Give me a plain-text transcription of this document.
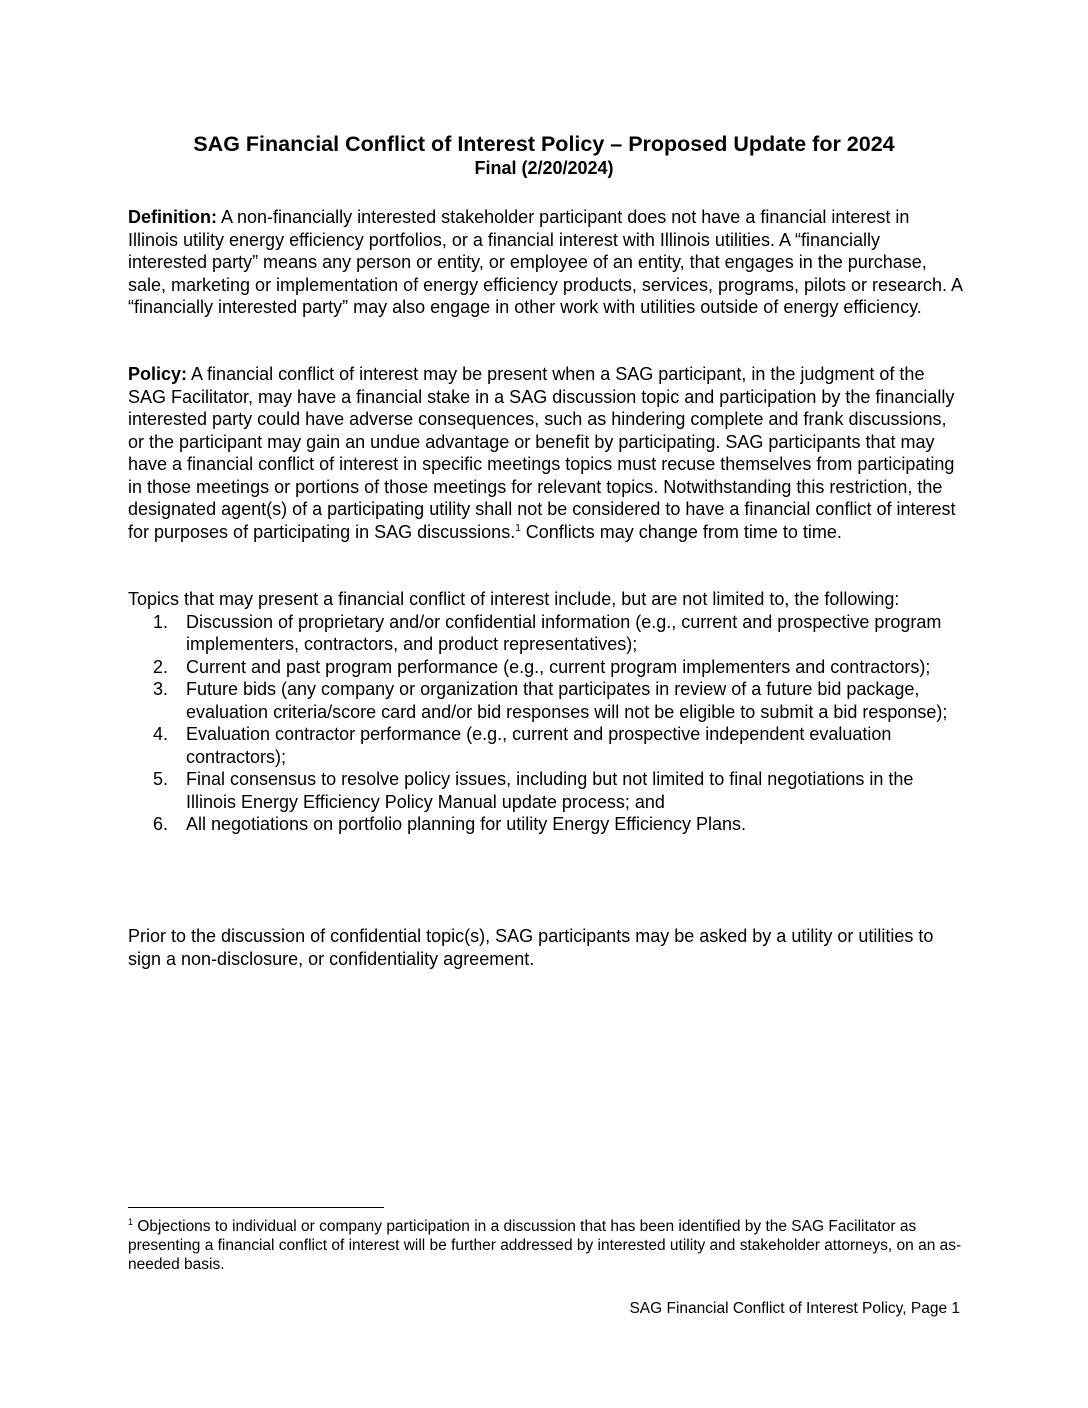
SAG Financial Conflict of Interest Policy – Proposed Update for 2024

Final (2/20/2024)

Definition: A non-financially interested stakeholder participant does not have a financial interest in Illinois utility energy efficiency portfolios, or a financial interest with Illinois utilities. A “financially interested party” means any person or entity, or employee of an entity, that engages in the purchase, sale, marketing or implementation of energy efficiency products, services, programs, pilots or research. A “financially interested party” may also engage in other work with utilities outside of energy efficiency.

Policy: A financial conflict of interest may be present when a SAG participant, in the judgment of the SAG Facilitator, may have a financial stake in a SAG discussion topic and participation by the financially interested party could have adverse consequences, such as hindering complete and frank discussions, or the participant may gain an undue advantage or benefit by participating. SAG participants that may have a financial conflict of interest in specific meetings topics must recuse themselves from participating in those meetings or portions of those meetings for relevant topics. Notwithstanding this restriction, the designated agent(s) of a participating utility shall not be considered to have a financial conflict of interest for purposes of participating in SAG discussions.$^1$ Conflicts may change from time to time.

Topics that may present a financial conflict of interest include, but are not limited to, the following:

1. Discussion of proprietary and/or confidential information (e.g., current and prospective program implementers, contractors, and product representatives);
2. Current and past program performance (e.g., current program implementers and contractors);
3. Future bids (any company or organization that participates in review of a future bid package, evaluation criteria/score card and/or bid responses will not be eligible to submit a bid response);
4. Evaluation contractor performance (e.g., current and prospective independent evaluation contractors);
5. Final consensus to resolve policy issues, including but not limited to final negotiations in the Illinois Energy Efficiency Policy Manual update process; and
6. All negotiations on portfolio planning for utility Energy Efficiency Plans.

Prior to the discussion of confidential topic(s), SAG participants may be asked by a utility or utilities to sign a non-disclosure, or confidentiality agreement.

$^1$ Objections to individual or company participation in a discussion that has been identified by the SAG Facilitator as presenting a financial conflict of interest will be further addressed by interested utility and stakeholder attorneys, on an as-needed basis.

SAG Financial Conflict of Interest Policy, Page 1
